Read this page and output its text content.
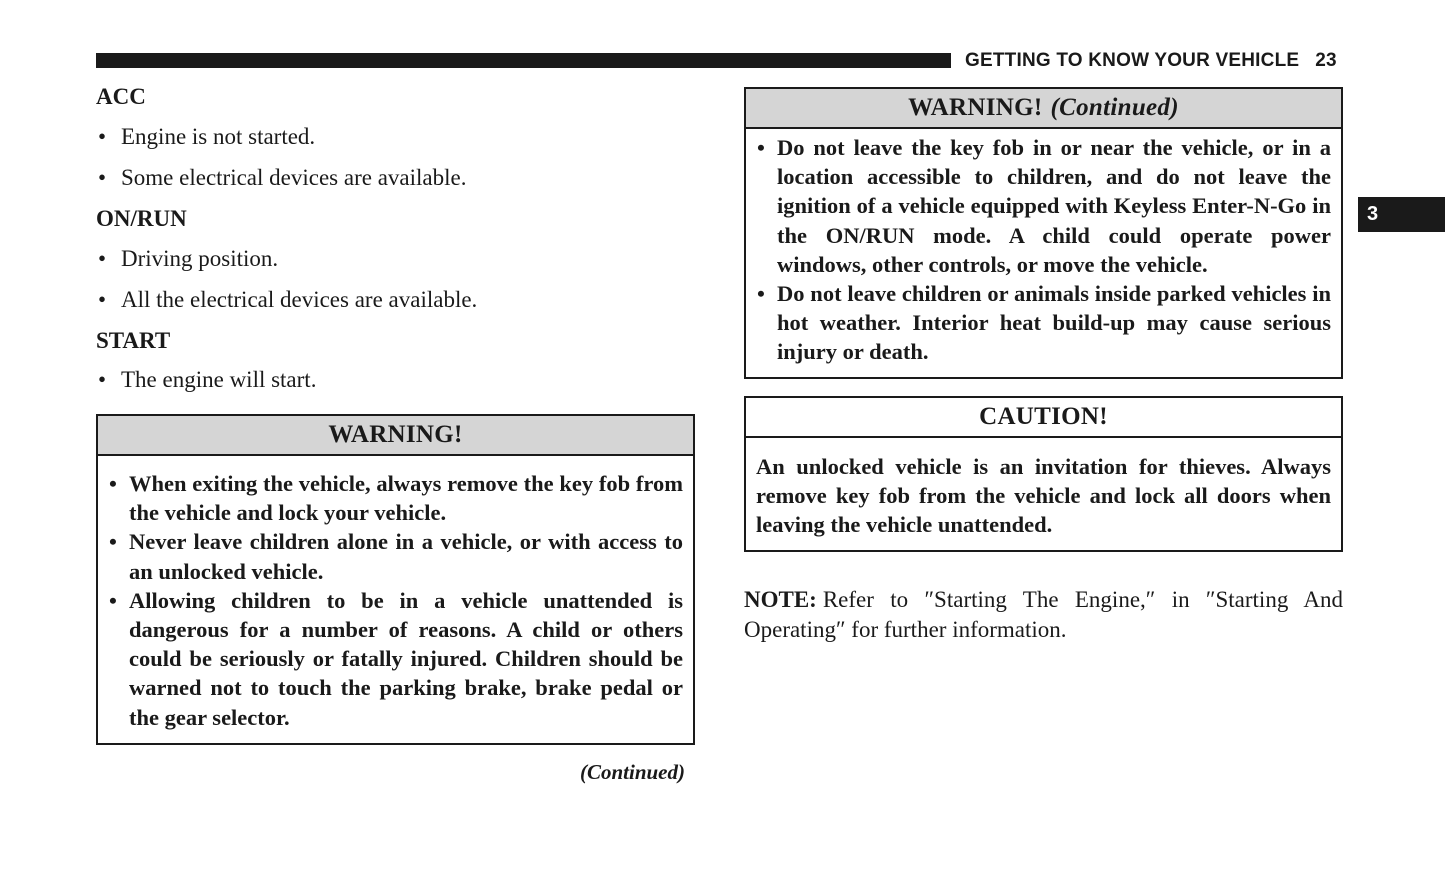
GETTING TO KNOW YOUR VEHICLE 23
3
ACC
• Engine is not started.
• Some electrical devices are available.
ON/RUN
• Driving position.
• All the electrical devices are available.
START
• The engine will start.
WARNING!
• When exiting the vehicle, always remove the key fob from the vehicle and lock your vehicle.
• Never leave children alone in a vehicle, or with access to an unlocked vehicle.
• Allowing children to be in a vehicle unattended is dangerous for a number of reasons. A child or others could be seriously or fatally injured. Children should be warned not to touch the parking brake, brake pedal or the gear selector.
(Continued)
WARNING! (Continued)
• Do not leave the key fob in or near the vehicle, or in a location accessible to children, and do not leave the ignition of a vehicle equipped with Keyless Enter-N-Go in the ON/RUN mode. A child could operate power windows, other controls, or move the vehicle.
• Do not leave children or animals inside parked vehicles in hot weather. Interior heat build-up may cause serious injury or death.
CAUTION!
An unlocked vehicle is an invitation for thieves. Always remove key fob from the vehicle and lock all doors when leaving the vehicle unattended.

NOTE: Refer to ″Starting The Engine,″ in ″Starting And Operating″ for further information.
